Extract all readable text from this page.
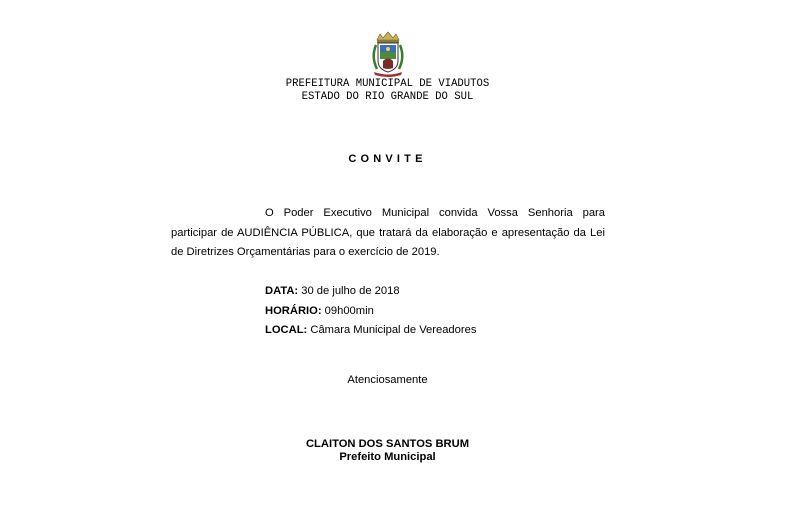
PREFEITURA MUNICIPAL DE VIADUTOS
ESTADO DO RIO GRANDE DO SUL
CONVITE
O Poder Executivo Municipal convida Vossa Senhoria para
participar de AUDIÊNCIA PÚBLICA, que tratará da elaboração e apresentação da Lei
de Diretrizes Orçamentárias para o exercício de 2019.
DATA: 30 de julho de 2018
HORÁRIO: 09h00min
LOCAL: Câmara Municipal de Vereadores
Atenciosamente
CLAITON DOS SANTOS BRUM
Prefeito Municipal
